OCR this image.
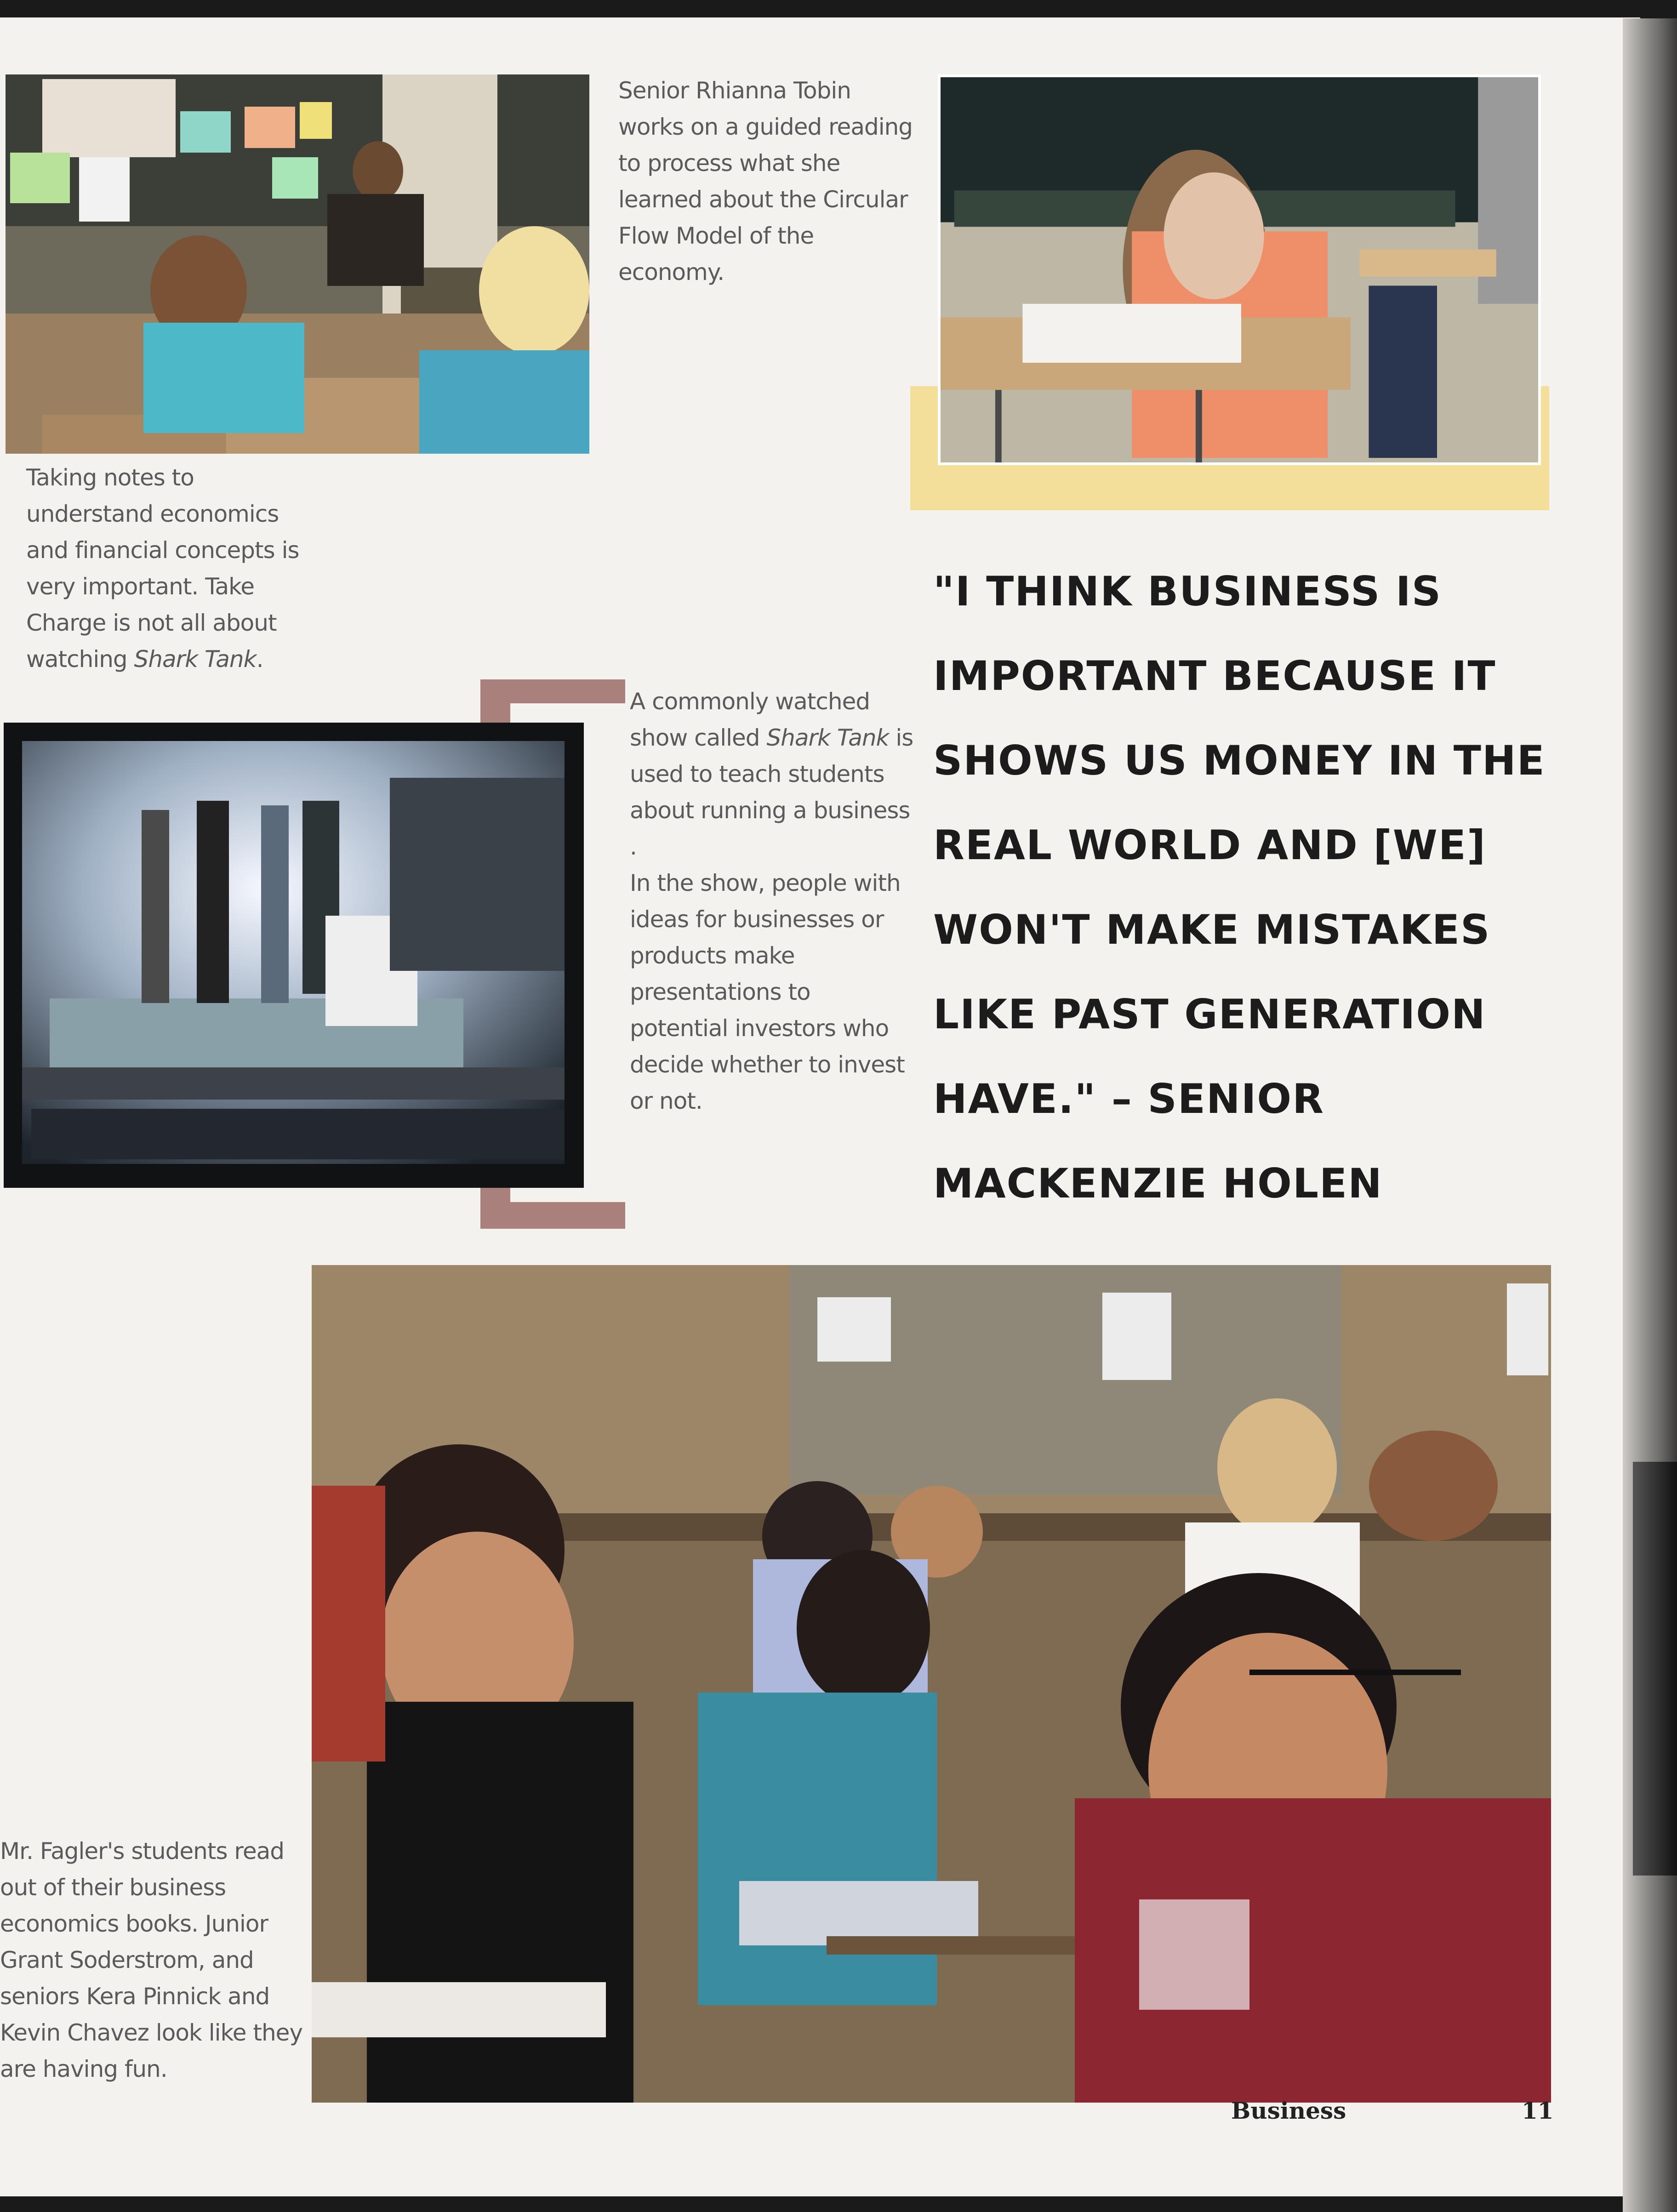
Senior Rhianna Tobin
works on a guided reading
to process what she
learned about the Circular
Flow Model of the
economy.
Taking notes to
understand economics
and financial concepts is
very important. Take
Charge is not all about
watching Shark Tank.
A commonly watched
show called Shark Tank is
used to teach students
about running a business .
In the show, people with
ideas for businesses or
products make
presentations to
potential investors who
decide whether to invest
or not.
Mr. Fagler's students read
out of their business
economics books. Junior
Grant Soderstrom, and
seniors Kera Pinnick and
Kevin Chavez look like they
are having fun.
"I THINK BUSINESS IS IMPORTANT BECAUSE IT SHOWS US MONEY IN THE REAL WORLD AND [WE] WON'T MAKE MISTAKES LIKE PAST GENERATION HAVE." – SENIOR MACKENZIE HOLEN
Business	11
